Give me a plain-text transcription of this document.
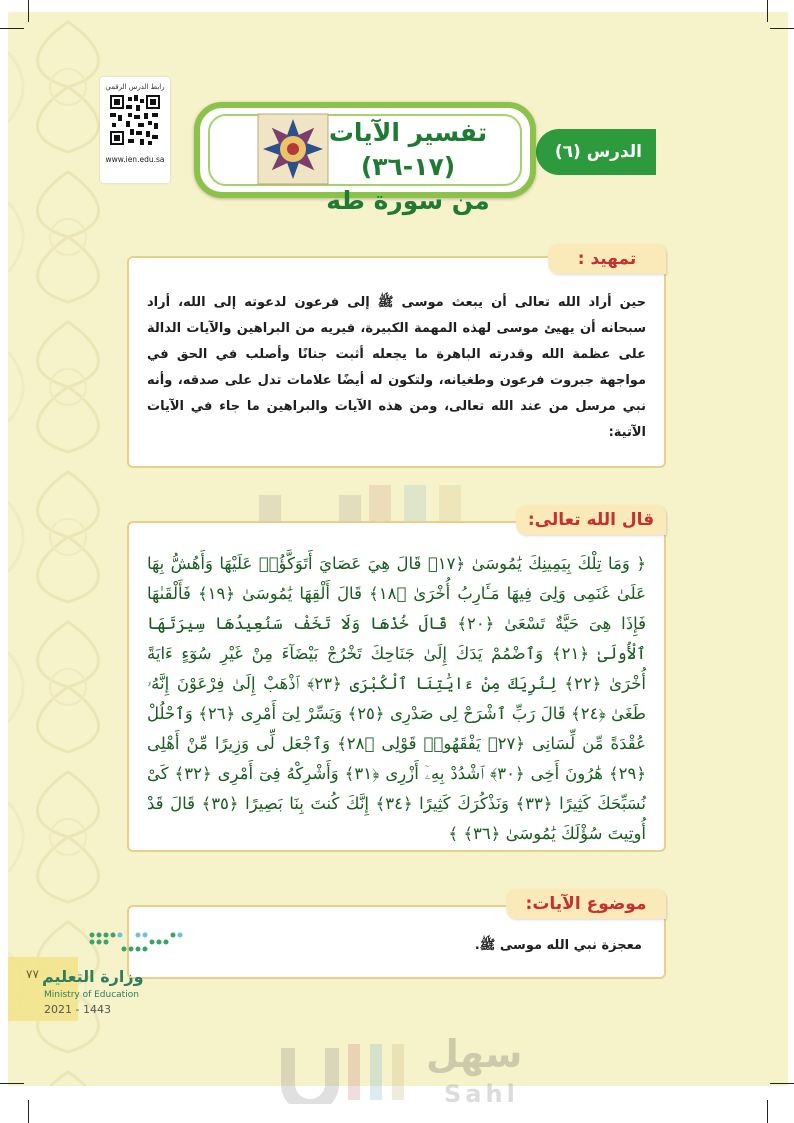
رابط الدرس الرقمي
www.ien.edu.sa	الدرس (٦)
تفسير الآيات (١٧-٣٦)
من سورة طه
تمهيد :
حين أراد الله تعالى أن يبعث موسى ﷺ إلى فرعون لدعوته إلى الله، أراد سبحانه أن يهيئ موسى لهذه المهمة الكبيرة، فيريه من البراهين والآيات الدالة على عظمة الله وقدرته الباهرة ما يجعله أثبت جنانًا وأصلب في الحق في مواجهة جبروت فرعون وطغيانه، ولتكون له أيضًا علامات تدل على صدقه، وأنه نبي مرسل من عند الله تعالى، ومن هذه الآيات والبراهين ما جاء في الآيات الآتية:
قال الله تعالى:
﴿ وَمَا تِلْكَ بِيَمِينِكَ يَٰمُوسَىٰ ﴿١٧﴾ قَالَ هِيَ عَصَايَ أَتَوَكَّؤُا۟ عَلَيْهَا وَأَهُشُّ بِهَا عَلَىٰ غَنَمِى وَلِىَ فِيهَا مَـَٔارِبُ أُخْرَىٰ ﴿١٨﴾ قَالَ أَلْقِهَا يَٰمُوسَىٰ ﴿١٩﴾ فَأَلْقَىٰهَا فَإِذَا هِىَ حَيَّةٌ تَسْعَىٰ ﴿٢٠﴾ قَالَ خُذْهَا وَلَا تَخَفْ سَنُعِيدُهَا سِيرَتَهَا ٱلْأُولَىٰ ﴿٢١﴾ وَٱضْمُمْ يَدَكَ إِلَىٰ جَنَاحِكَ تَخْرُجْ بَيْضَآءَ مِنْ غَيْرِ سُوٓءٍ ءَايَةً أُخْرَىٰ ﴿٢٢﴾ لِنُرِيَكَ مِنْ ءَايَٰتِنَا ٱلْكُبْرَى ﴿٢٣﴾ ٱذْهَبْ إِلَىٰ فِرْعَوْنَ إِنَّهُۥ طَغَىٰ ﴿٢٤﴾ قَالَ رَبِّ ٱشْرَحْ لِى صَدْرِى ﴿٢٥﴾ وَيَسِّرْ لِىٓ أَمْرِى ﴿٢٦﴾ وَٱحْلُلْ عُقْدَةً مِّن لِّسَانِى ﴿٢٧﴾ يَفْقَهُوا۟ قَوْلِى ﴿٢٨﴾ وَٱجْعَل لِّى وَزِيرًا مِّنْ أَهْلِى ﴿٢٩﴾ هَٰرُونَ أَخِى ﴿٣٠﴾ ٱشْدُدْ بِهِۦٓ أَزْرِى ﴿٣١﴾ وَأَشْرِكْهُ فِىٓ أَمْرِى ﴿٣٢﴾ كَىْ نُسَبِّحَكَ كَثِيرًا ﴿٣٣﴾ وَنَذْكُرَكَ كَثِيرًا ﴿٣٤﴾ إِنَّكَ كُنتَ بِنَا بَصِيرًا ﴿٣٥﴾ قَالَ قَدْ أُوتِيتَ سُؤْلَكَ يَٰمُوسَىٰ ﴿٣٦﴾ ﴾
موضوع الآيات:
معجزة نبي الله موسى ﷺ.
وزارة التعليم
Ministry of Education
2021 - 1443
٧٧
سهل
Sahl
